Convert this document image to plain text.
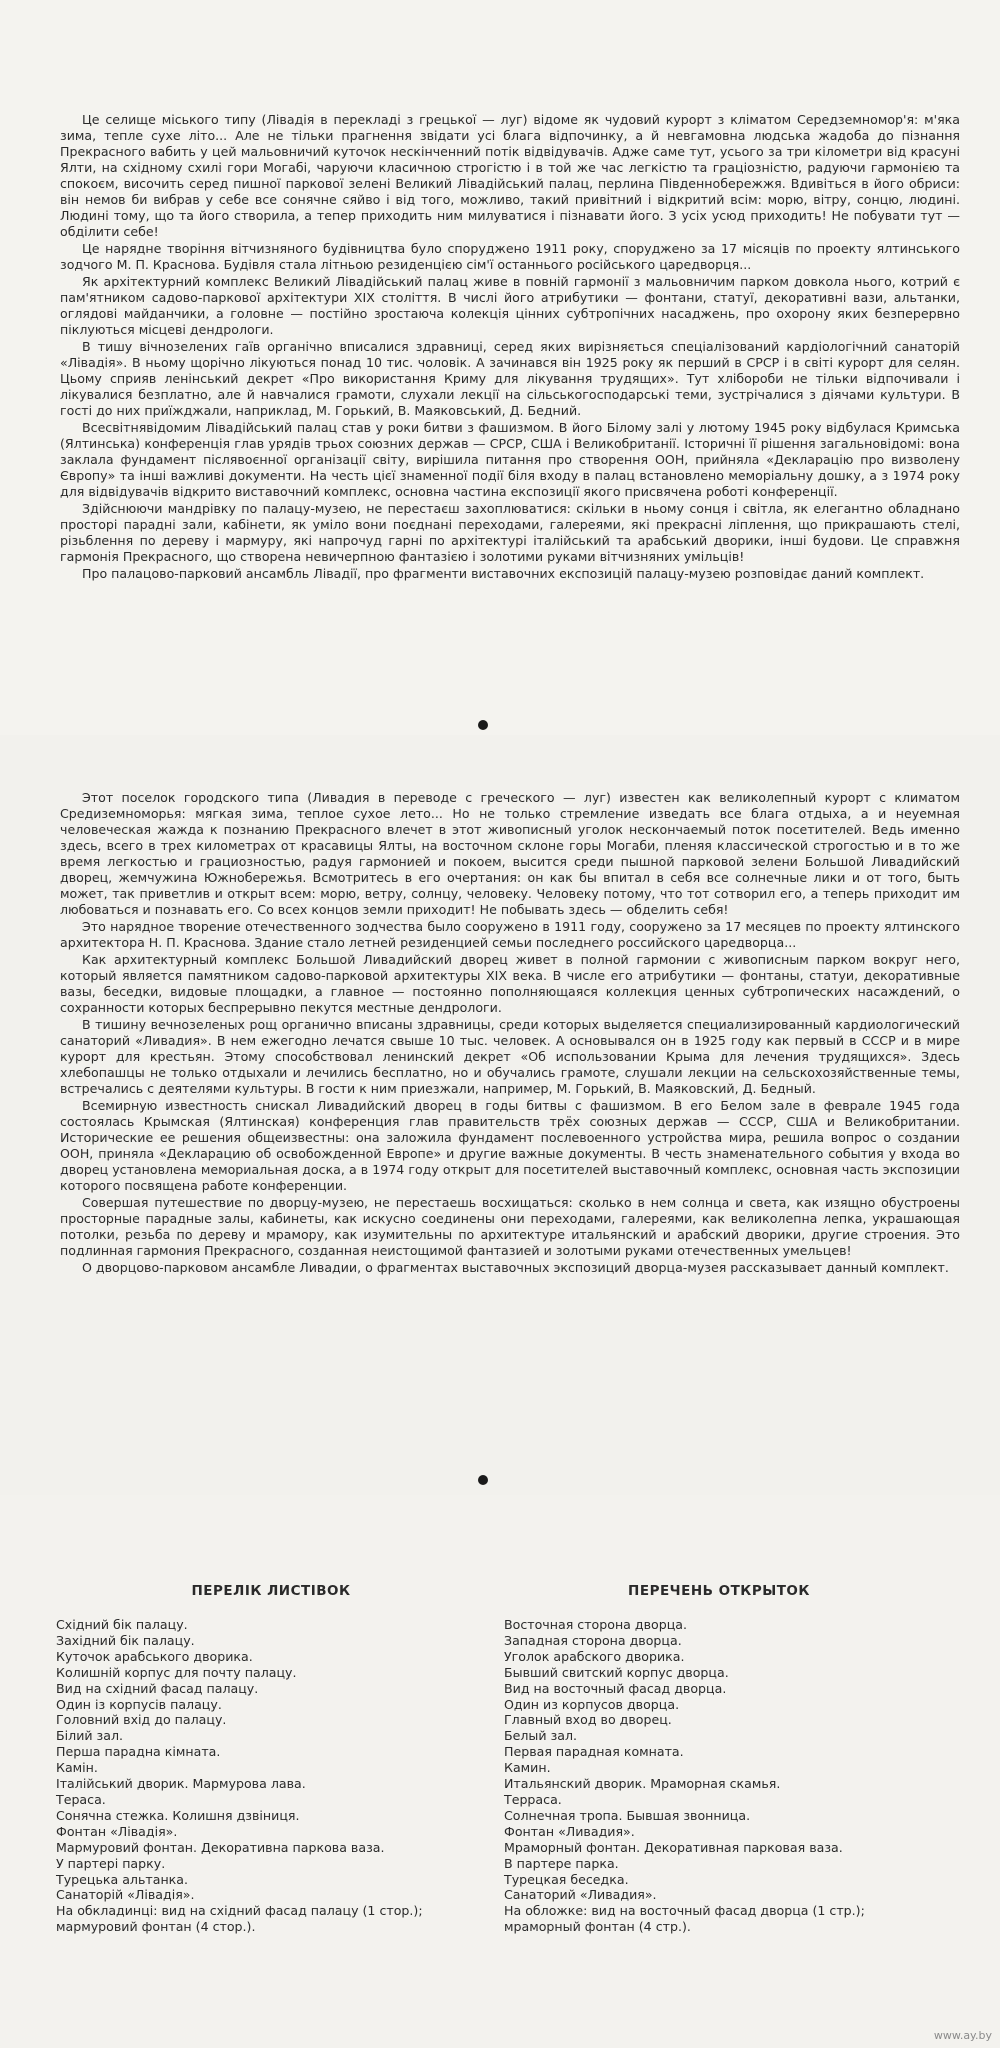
Це селище міського типу (Лівадія в перекладі з грецької — луг) відоме як чудовий курорт з кліматом Середземномор'я: м'яка зима, тепле сухе літо... Але не тільки прагнення звідати усі блага відпочинку, а й невгамовна людська жадоба до пізнання Прекрасного вабить у цей мальовничий куточок нескінченний потік відвідувачів. Адже саме тут, усього за три кілометри від красуні Ялти, на східному схилі гори Могабі, чаруючи класичною строгістю і в той же час легкістю та грацiозністю, радуючи гармонією та спокоєм, височить серед пишної паркової зелені Великий Лівадійський палац, перлина Південнобережжя. Вдивіться в його обриси: він немов би вибрав у себе все сонячне сяйво і від того, можливо, такий привітний і відкритий всім: морю, вітру, сонцю, людині. Людині тому, що та його створила, а тепер приходить ним милуватися і пізнавати його. З усіх усюд приходить! Не побувати тут — обділити себе!

Це нарядне творіння вітчизняного будівництва було споруджено 1911 року, споруджено за 17 місяців по проекту ялтинського зодчого М. П. Краснова. Будівля стала літньою резиденцією сім'ї останнього російського царедворця...

Як архітектурний комплекс Великий Лівадійський палац живе в повній гармонії з мальовничим парком довкола нього, котрий є пам'ятником садово-паркової архітектури XIX століття. В числі його атрибутики — фонтани, статуї, декоративні вази, альтанки, оглядові майданчики, а головне — постійно зростаюча колекція цінних субтропічних насаджень, про охорону яких безперервно піклуються місцеві дендрологи.

В тишу вічнозелених гаїв органічно вписалися здравниці, серед яких вирізняється спеціалізований кардіологічний санаторій «Лівадія». В ньому щорічно лікуються понад 10 тис. чоловік. А зачинався він 1925 року як перший в СРСР і в світі курорт для селян. Цьому сприяв ленінський декрет «Про використання Криму для лікування трудящих». Тут хлібороби не тільки відпочивали і лікувалися безплатно, але й навчалися грамоти, слухали лекції на сільськогосподарські теми, зустрічалися з діячами культури. В гості до них приїжджали, наприклад, М. Горький, В. Маяковський, Д. Бедний.

Всесвітнявідомим Лівадійський палац став у роки битви з фашизмом. В його Білому залі у лютому 1945 року відбулася Кримська (Ялтинська) конференція глав урядів трьох союзних держав — СРСР, США і Великобританії. Історичні її рішення загальновідомі: вона заклала фундамент післявоєнної організації світу, вирішила питання про створення ООН, прийняла «Декларацію про визволену Європу» та інші важливі документи. На честь цієї знаменної події біля входу в палац встановлено меморіальну дошку, а з 1974 року для відвідувачів відкрито виставочний комплекс, основна частина експозиції якого присвячена роботі конференції.

Здійснюючи мандрівку по палацу-музею, не перестаєш захоплюватися: скільки в ньому сонця і світла, як елегантно обладнано просторі парадні зали, кабінети, як уміло вони поєднані переходами, галереями, які прекрасні ліплення, що прикрашають стелі, різьблення по дереву і мармуру, які напрочуд гарні по архітектурі італійський та арабський дворики, інші будови. Це справжня гармонія Прекрасного, що створена невичерпною фантазією і золотими руками вітчизняних умільців!

Про палацово-парковий ансамбль Лівадії, про фрагменти виставочних експозицій палацу-музею розповідає даний комплект.

Этот поселок городского типа (Ливадия в переводе с греческого — луг) известен как великолепный курорт с климатом Средиземноморья: мягкая зима, теплое сухое лето... Но не только стремление изведать все блага отдыха, а и неуемная человеческая жажда к познанию Прекрасного влечет в этот живописный уголок нескончаемый поток посетителей. Ведь именно здесь, всего в трех километрах от красавицы Ялты, на восточном склоне горы Могаби, пленяя классической строгостью и в то же время легкостью и грациозностью, радуя гармонией и покоем, высится среди пышной парковой зелени Большой Ливадийский дворец, жемчужина Южнобережья. Всмотритесь в его очертания: он как бы впитал в себя все солнечные лики и от того, быть может, так приветлив и открыт всем: морю, ветру, солнцу, человеку. Человеку потому, что тот сотворил его, а теперь приходит им любоваться и познавать его. Со всех концов земли приходит! Не побывать здесь — обделить себя!

Это нарядное творение отечественного зодчества было сооружено в 1911 году, сооружено за 17 месяцев по проекту ялтинского архитектора Н. П. Краснова. Здание стало летней резиденцией семьи последнего российского царедворца...

Как архитектурный комплекс Большой Ливадийский дворец живет в полной гармонии с живописным парком вокруг него, который является памятником садово-парковой архитектуры XIX века. В числе его атрибутики — фонтаны, статуи, декоративные вазы, беседки, видовые площадки, а главное — постоянно пополняющаяся коллекция ценных субтропических насаждений, о сохранности которых беспрерывно пекутся местные дендрологи.

В тишину вечнозеленых рощ органично вписаны здравницы, среди которых выделяется специализированный кардиологический санаторий «Ливадия». В нем ежегодно лечатся свыше 10 тыс. человек. А основывался он в 1925 году как первый в СССР и в мире курорт для крестьян. Этому способствовал ленинский декрет «Об использовании Крыма для лечения трудящихся». Здесь хлебопашцы не только отдыхали и лечились бесплатно, но и обучались грамоте, слушали лекции на сельскохозяйственные темы, встречались с деятелями культуры. В гости к ним приезжали, например, М. Горький, В. Маяковский, Д. Бедный.

Всемирную известность снискал Ливадийский дворец в годы битвы с фашизмом. В его Белом зале в феврале 1945 года состоялась Крымская (Ялтинская) конференция глав правительств трёх союзных держав — СССР, США и Великобритании. Исторические ее решения общеизвестны: она заложила фундамент послевоенного устройства мира, решила вопрос о создании ООН, приняла «Декларацию об освобожденной Европе» и другие важные документы. В честь знаменательного события у входа во дворец установлена мемориальная доска, а в 1974 году открыт для посетителей выставочный комплекс, основная часть экспозиции которого посвящена работе конференции.

Совершая путешествие по дворцу-музею, не перестаешь восхищаться: сколько в нем солнца и света, как изящно обустроены просторные парадные залы, кабинеты, как искусно соединены они переходами, галереями, как великолепна лепка, украшающая потолки, резьба по дереву и мрамору, как изумительны по архитектуре итальянский и арабский дворики, другие строения. Это подлинная гармония Прекрасного, созданная неистощимой фантазией и золотыми руками отечественных умельцев!

О дворцово-парковом ансамбле Ливадии, о фрагментах выставочных экспозиций дворца-музея рассказывает данный комплект.

ПЕРЕЛІК ЛИСТІВОК	ПЕРЕЧЕНЬ ОТКРЫТОК
Східний бік палацу.
Західний бік палацу.
Куточок арабського дворика.
Колишній корпус для почту палацу.
Вид на східний фасад палацу.
Один із корпусів палацу.
Головний вхід до палацу.
Білий зал.
Перша парадна кімната.
Камін.
Італійський дворик. Мармурова лава.
Тераса.
Сонячна стежка. Колишня дзвіниця.
Фонтан «Лівадія».
Мармуровий фонтан. Декоративна паркова ваза.
У партері парку.
Турецька альтанка.
Санаторій «Лівадія».
На обкладинці: вид на східний фасад палацу (1 стор.);
мармуровий фонтан (4 стор.).
Восточная сторона дворца.
Западная сторона дворца.
Уголок арабского дворика.
Бывший свитский корпус дворца.
Вид на восточный фасад дворца.
Один из корпусов дворца.
Главный вход во дворец.
Белый зал.
Первая парадная комната.
Камин.
Итальянский дворик. Мраморная скамья.
Терраса.
Солнечная тропа. Бывшая звонница.
Фонтан «Ливадия».
Мраморный фонтан. Декоративная парковая ваза.
В партере парка.
Турецкая беседка.
Санаторий «Ливадия».
На обложке: вид на восточный фасад дворца (1 стр.);
мраморный фонтан (4 стр.).
www.ay.by
